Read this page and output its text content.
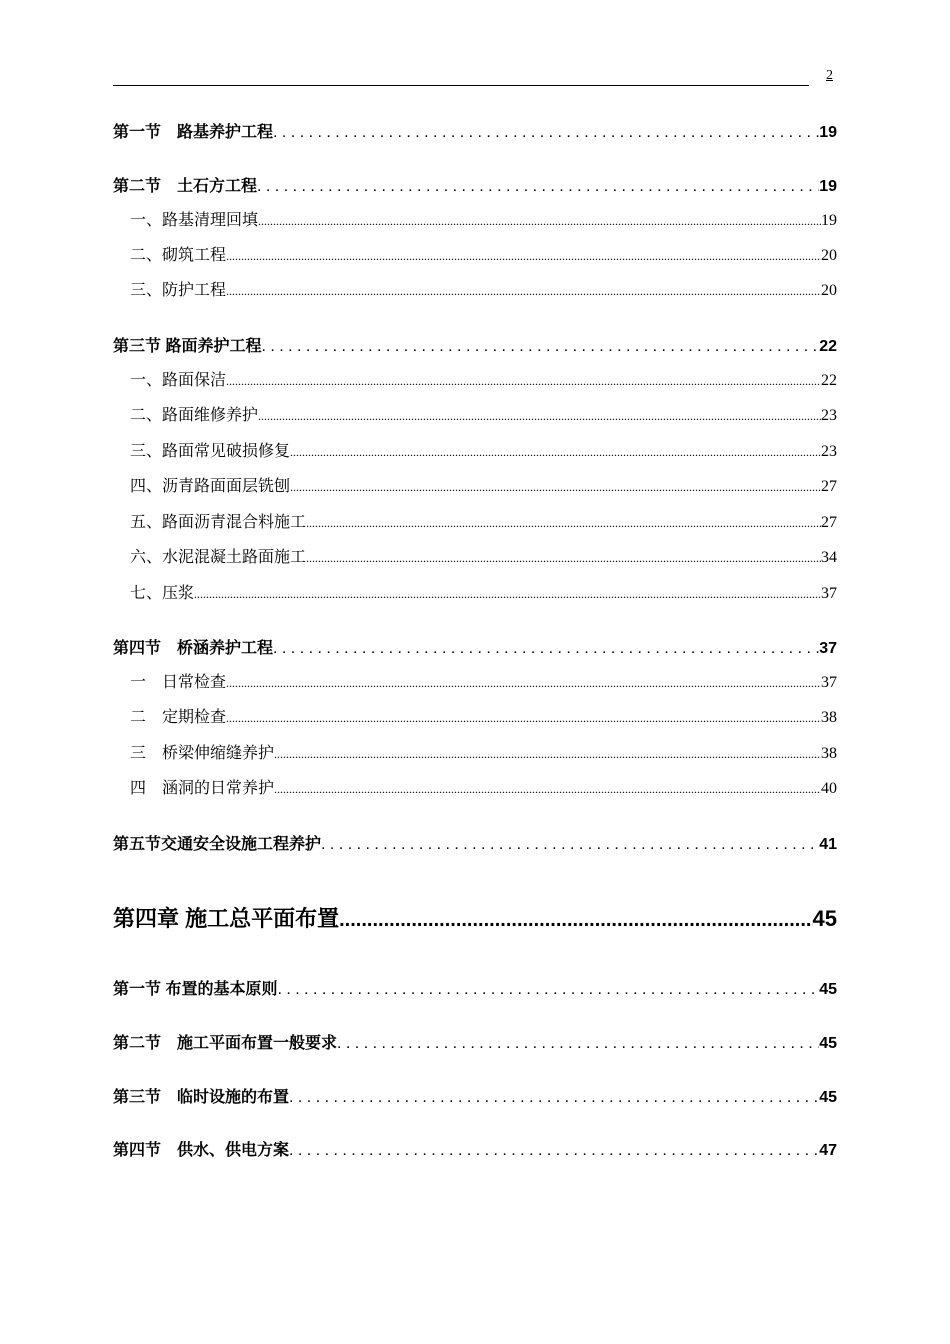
2
第一节　路基养护工程 . . .	19
第二节　土石方工程 . . .	19
一、路基清理回填 .....	19
二、砌筑工程 .....	20
三、防护工程 .....	20
第三节 路面养护工程 . . .	22
一、路面保洁 .....	22
二、路面维修养护 .....	23
三、路面常见破损修复 .....	23
四、沥青路面面层铣刨 .....	27
五、路面沥青混合料施工 .....	27
六、水泥混凝土路面施工 .....	34
七、压浆 .....	37
第四节　桥涵养护工程 . . .	37
一　日常检查 .....	37
二　定期检查 .....	38
三　桥梁伸缩缝养护 .....	38
四　涵洞的日常养护 .....	40
第五节交通安全设施工程养护 . . .	41
第四章 施工总平面布置 .....	45
第一节 布置的基本原则 . . .	45
第二节　施工平面布置一般要求 . . .	45
第三节　临时设施的布置 . . .	45
第四节　供水、供电方案 . . .	47
